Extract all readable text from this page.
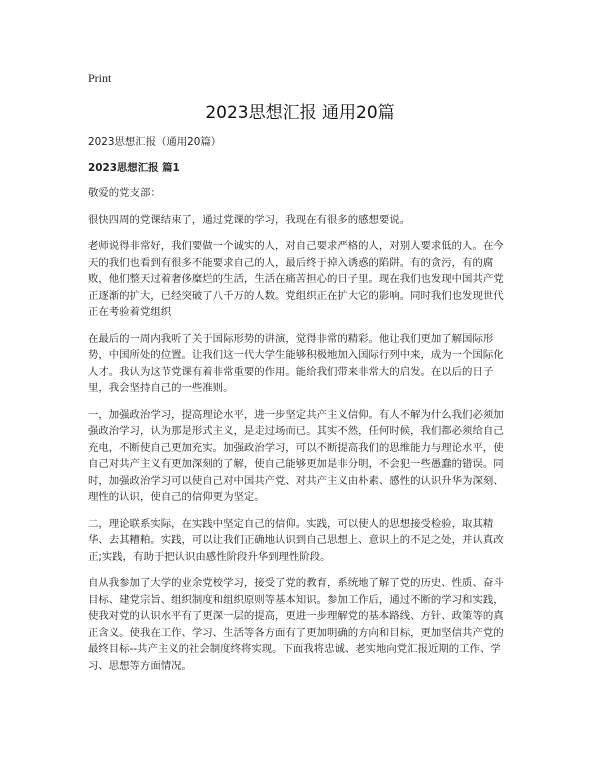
Print
2023思想汇报 通用20篇

2023思想汇报（通用20篇）

2023思想汇报 篇1

敬爱的党支部：

很快四周的党课结束了，通过党课的学习，我现在有很多的感想要说。

老师说得非常好，我们要做一个诚实的人，对自己要求严格的人，对别人要求低的人。在今天的我们也看到有很多不能要求自己的人，最后终于掉入诱惑的陷阱。有的贪污，有的腐败，他们整天过着奢侈糜烂的生活，生活在痛苦担心的日子里。现在我们也发现中国共产党正逐渐的扩大，已经突破了八千万的人数。党组织正在扩大它的影响。同时我们也发现世代正在考验着党组织

在最后的一周内我听了关于国际形势的讲演，觉得非常的精彩。他让我们更加了解国际形势，中国所处的位置。让我们这一代大学生能够积极地加入国际行列中来，成为一个国际化人才。我认为这节党课有着非常重要的作用。能给我们带来非常大的启发。在以后的日子里，我会坚持自己的一些准则。

一，加强政治学习，提高理论水平，进一步坚定共产主义信仰。有人不解为什么我们必须加强政治学习，认为那是形式主义，是走过场而已。其实不然，任何时候，我们都必须给自己充电，不断使自己更加充实。加强政治学习，可以不断提高我们的思维能力与理论水平，使自己对共产主义有更加深刻的了解，使自己能够更加是非分明，不会犯一些愚蠢的错误。同时，加强政治学习可以使自己对中国共产党、对共产主义由朴素、感性的认识升华为深刻、理性的认识，使自己的信仰更为坚定。

二，理论联系实际，在实践中坚定自己的信仰。实践，可以使人的思想接受检验，取其精华、去其糟粕。实践，可以让我们正确地认识到自己思想上、意识上的不足之处，并认真改正;实践，有助于把认识由感性阶段升华到理性阶段。

自从我参加了大学的业余党校学习，接受了党的教育，系统地了解了党的历史、性质、奋斗目标、建党宗旨、组织制度和组织原则等基本知识。参加工作后，通过不断的学习和实践，使我对党的认识水平有了更深一层的提高，更进一步理解党的基本路线、方针、政策等的真正含义。使我在工作、学习、生活等各方面有了更加明确的方向和目标，更加坚信共产党的最终目标--共产主义的社会制度终将实现。下面我将忠诚、老实地向党汇报近期的工作、学习、思想等方面情况。
